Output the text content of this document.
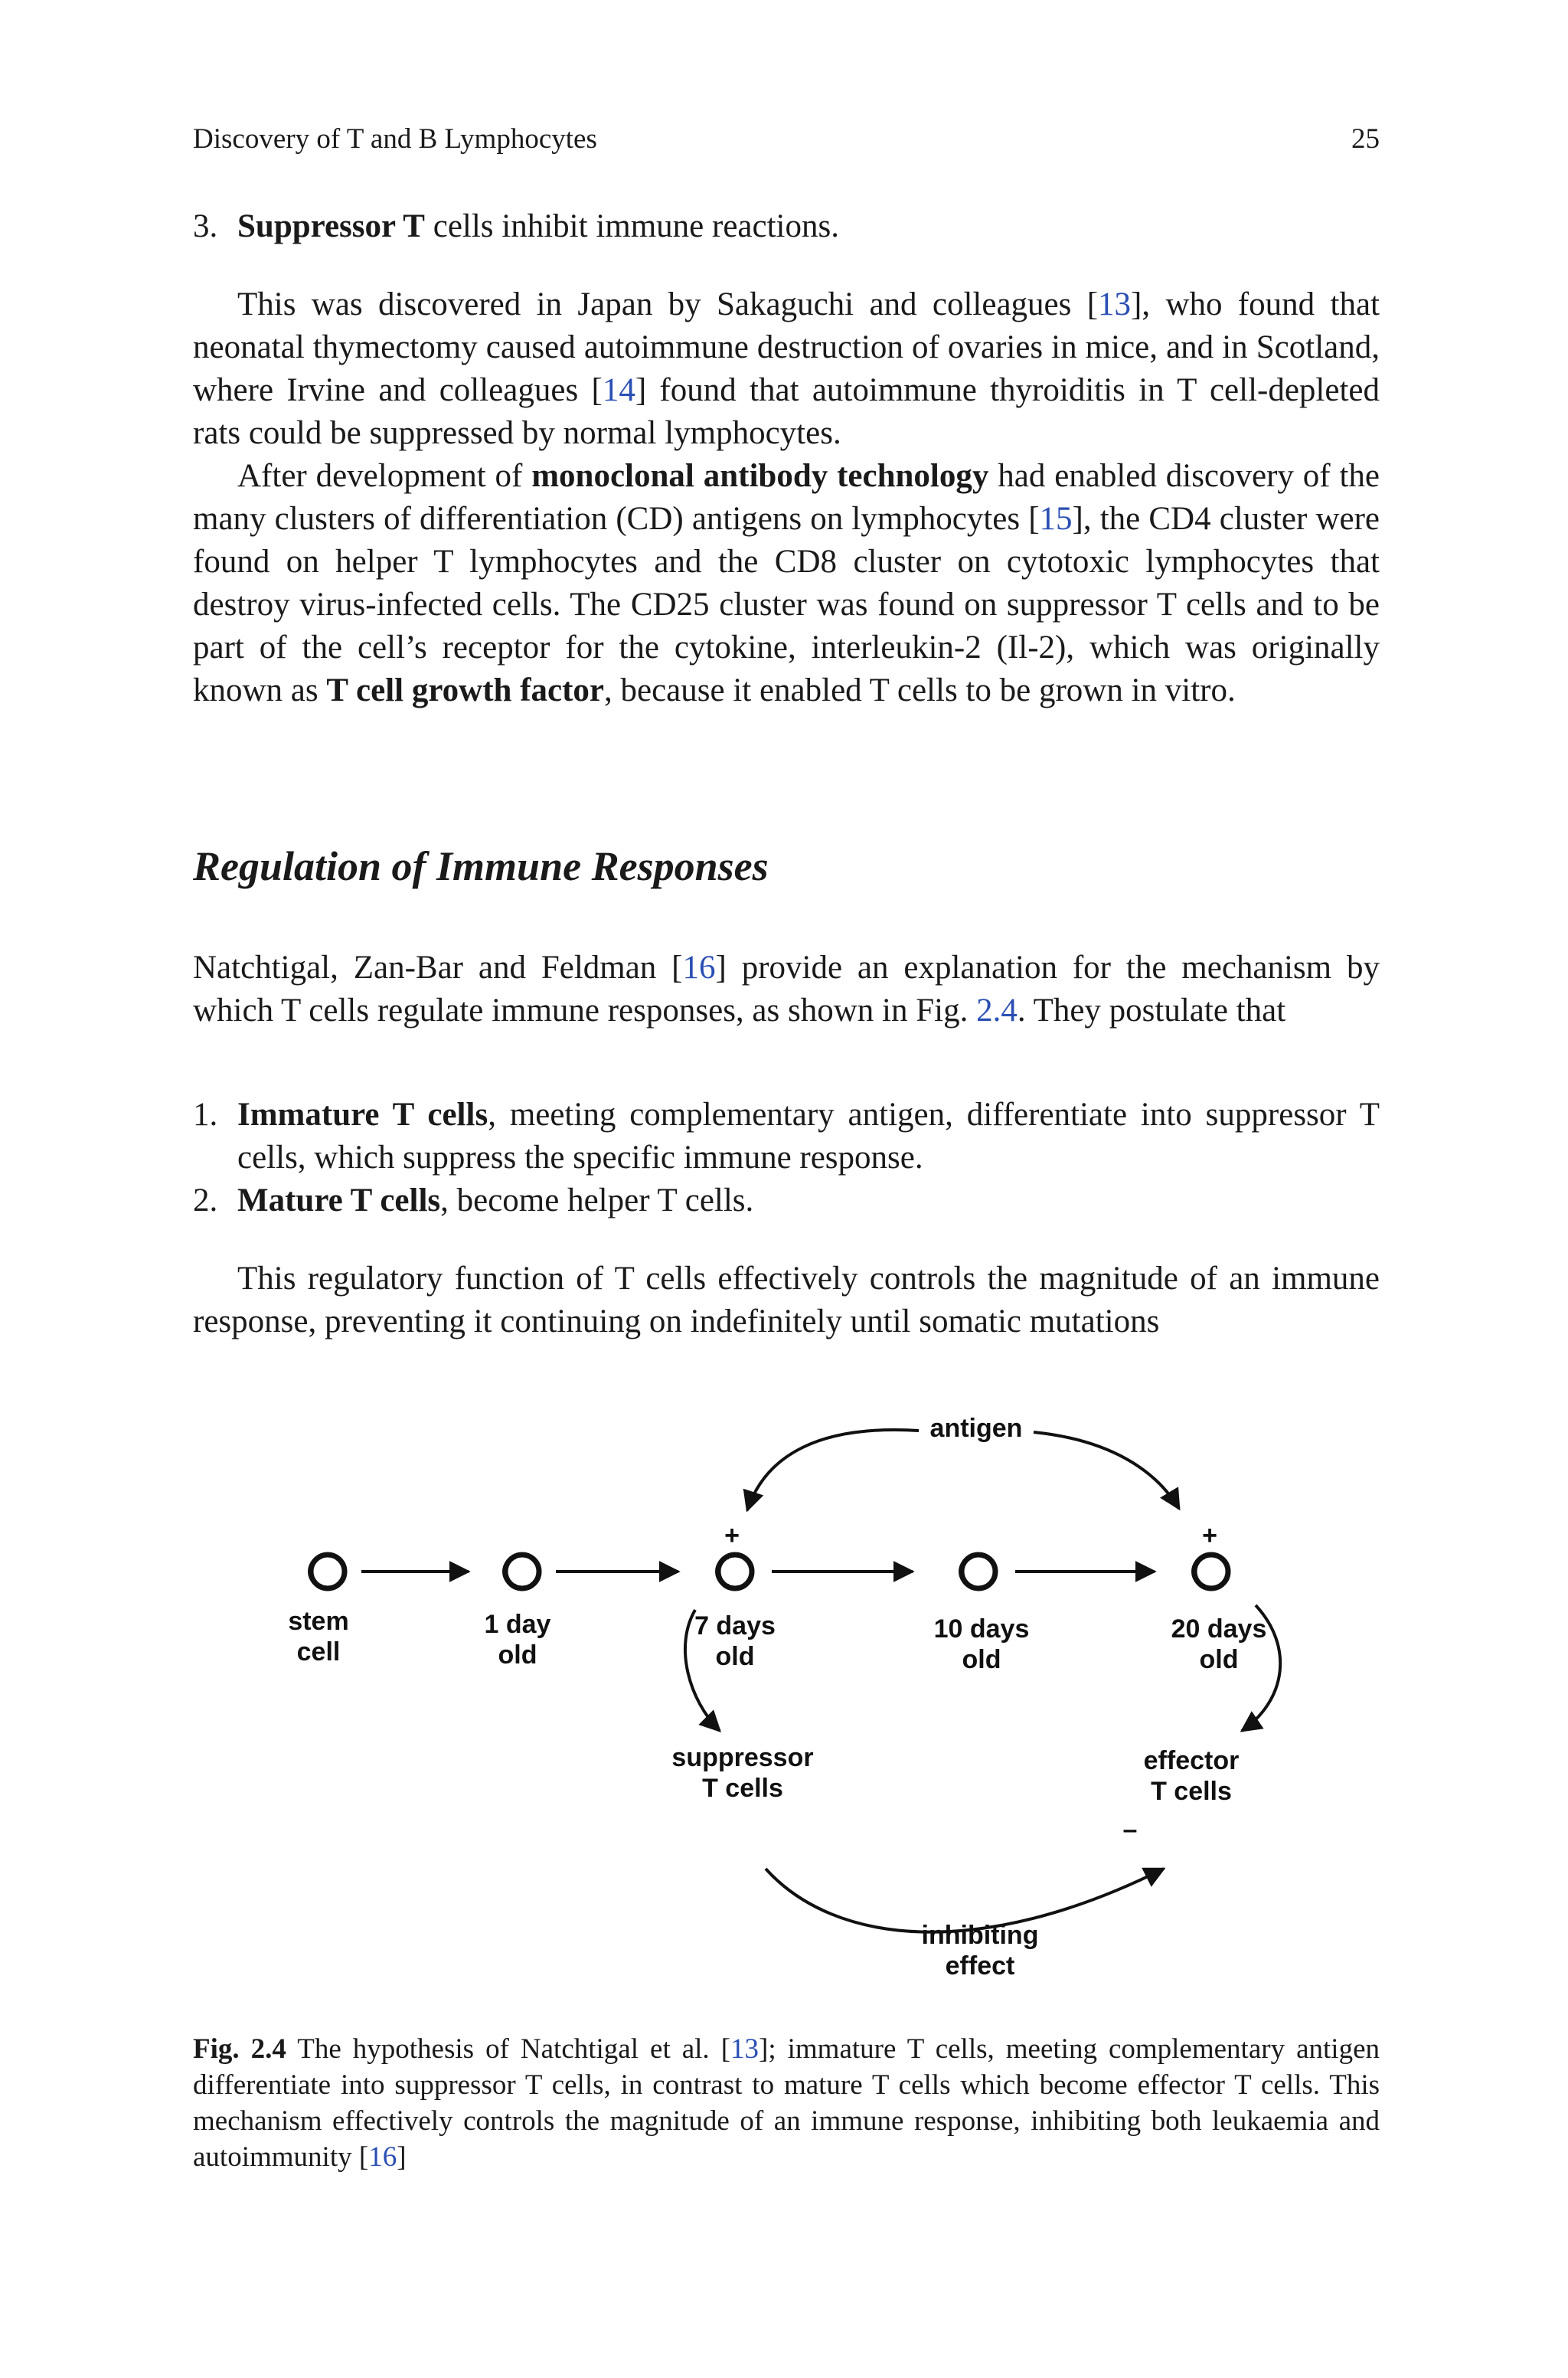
Discovery of T and B Lymphocytes	25

3. Suppressor T cells inhibit immune reactions.

This was discovered in Japan by Sakaguchi and colleagues [13], who found that neonatal thymectomy caused autoimmune destruction of ovaries in mice, and in Scotland, where Irvine and colleagues [14] found that autoimmune thyroiditis in T cell-depleted rats could be suppressed by normal lymphocytes.

After development of monoclonal antibody technology had enabled discovery of the many clusters of differentiation (CD) antigens on lymphocytes [15], the CD4 cluster were found on helper T lymphocytes and the CD8 cluster on cytotoxic lymphocytes that destroy virus-infected cells. The CD25 cluster was found on suppressor T cells and to be part of the cell’s receptor for the cytokine, interleukin-2 (Il-2), which was originally known as T cell growth factor, because it enabled T cells to be grown in vitro.

Regulation of Immune Responses

Natchtigal, Zan-Bar and Feldman [16] provide an explanation for the mechanism by which T cells regulate immune responses, as shown in Fig. 2.4. They postulate that

1. Immature T cells, meeting complementary antigen, differentiate into suppressor T cells, which suppress the specific immune response.

2. Mature T cells, become helper T cells.

This regulatory function of T cells effectively controls the magnitude of an immune response, preventing it continuing on indefinitely until somatic mutations

antigen
+	+
stem
cell
1 day
old
7 days
old
10 days
old
20 days
old
suppressor
T cells
effector
T cells
–
inhibiting
effect
Fig. 2.4 The hypothesis of Natchtigal et al. [13]; immature T cells, meeting complementary antigen differentiate into suppressor T cells, in contrast to mature T cells which become effector T cells. This mechanism effectively controls the magnitude of an immune response, inhibiting both leukaemia and autoimmunity [16]
